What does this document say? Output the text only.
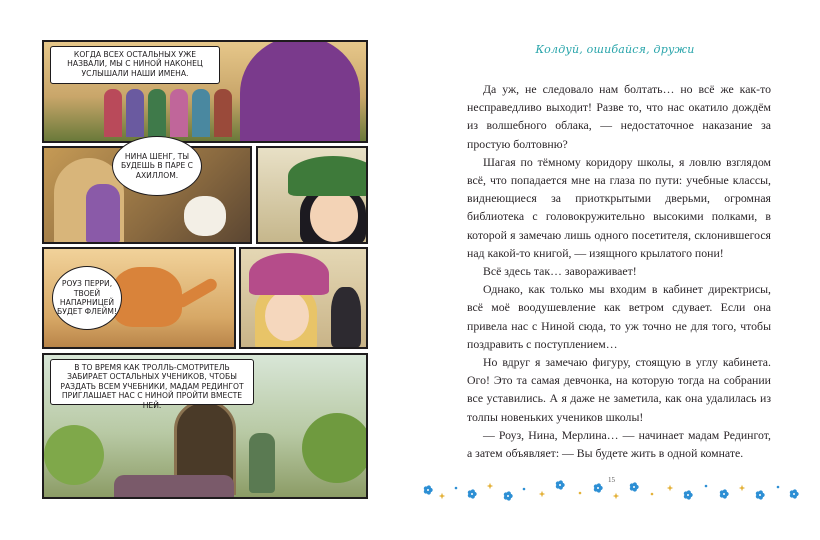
КОГДА ВСЕХ ОСТАЛЬНЫХ УЖЕ НАЗВАЛИ, МЫ С НИНОЙ НАКОНЕЦ УСЛЫШАЛИ НАШИ ИМЕНА.
НИНА ШЕНГ, ТЫ БУДЕШЬ В ПАРЕ С АХИЛЛОМ.
РОУЗ ПЕРРИ, ТВОЕЙ НАПАРНИЦЕЙ БУДЕТ ФЛЕЙМ!
В ТО ВРЕМЯ КАК ТРОЛЛЬ-СМОТРИТЕЛЬ ЗАБИРАЕТ ОСТАЛЬНЫХ УЧЕНИКОВ, ЧТОБЫ РАЗДАТЬ ВСЕМ УЧЕБНИКИ, МАДАМ РЕДИНГОТ ПРИГЛАШАЕТ НАС С НИНОЙ ПРОЙТИ ВМЕСТЕ НЕЙ.
Колдуй, ошибайся, дружи

Да уж, не следовало нам болтать… но всё же как-то несправедливо выходит! Разве то, что нас окатило дождём из волшебного облака, — недостаточное наказание за простую болтовню?

Шагая по тёмному коридору школы, я ловлю взглядом всё, что попадается мне на глаза по пути: учебные классы, виднеющиеся за приоткрытыми дверьми, огромная библиотека с головокружительно высокими полками, в которой я замечаю лишь одного посетителя, склонившегося над какой-то книгой, — изящного крылатого пони!

Всё здесь так… завораживает!

Однако, как только мы входим в кабинет директрисы, всё моё воодушевление как ветром сдувает. Если она привела нас с Ниной сюда, то уж точно не для того, чтобы поздравить с поступлением…

Но вдруг я замечаю фигуру, стоящую в углу кабинета. Ого! Это та самая девчонка, на которую тогда на собрании все уставились. А я даже не заметила, как она удалилась из толпы новеньких учеников школы!

— Роуз, Нина, Мерлина… — начинает мадам Редингот, а затем объявляет: — Вы будете жить в одной комнате.

15
